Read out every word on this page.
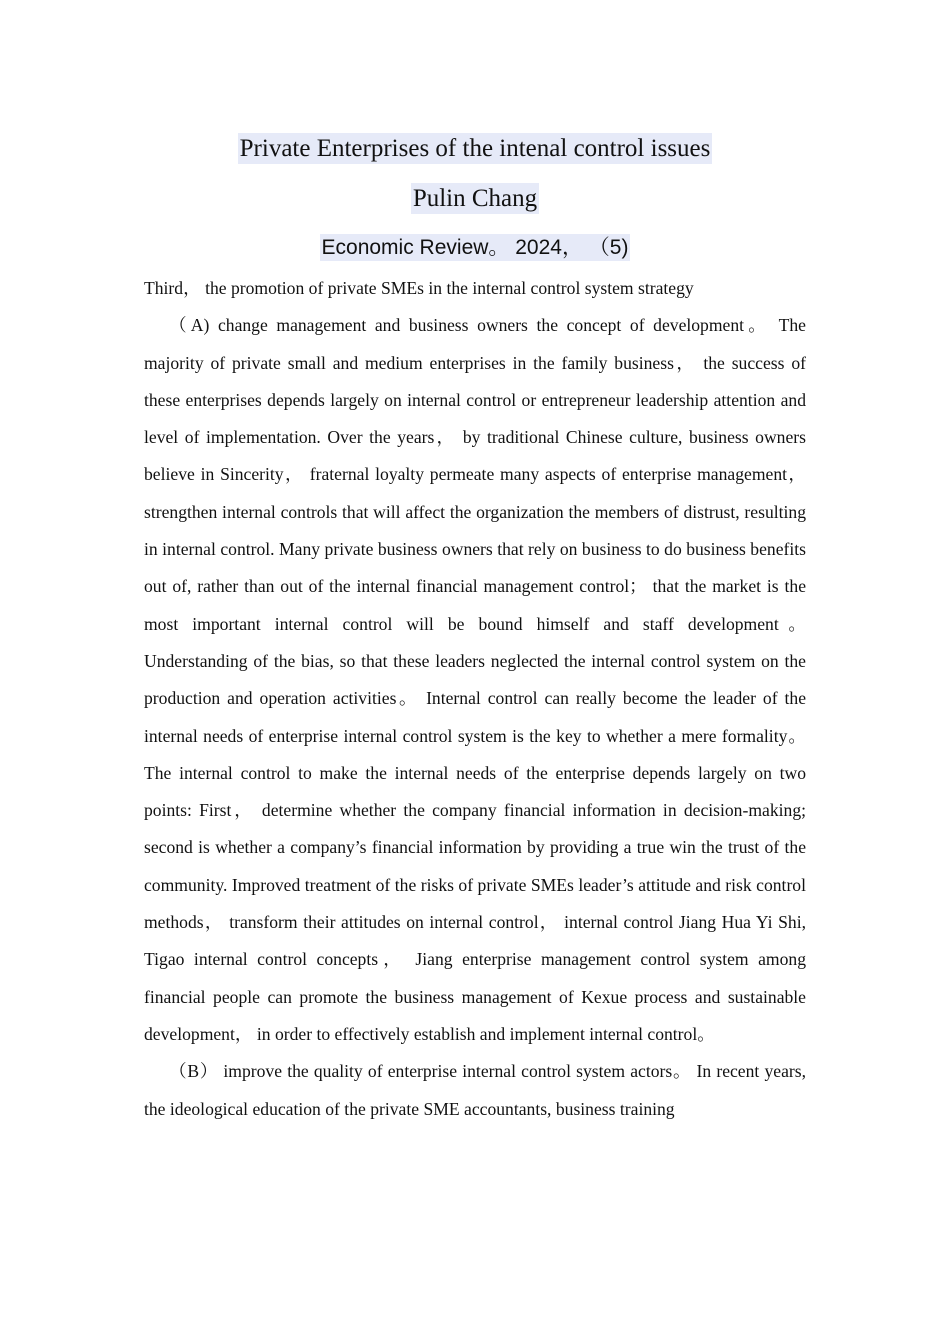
Private Enterprises of the intenal control issues
Pulin Chang
Economic Review。 2024， （5)

Third， the promotion of private SMEs in the internal control system strategy

（A) change management and business owners the concept of development。 The majority of private small and medium enterprises in the family business， the success of these enterprises depends largely on internal control or entrepreneur leadership attention and level of implementation. Over the years， by traditional Chinese culture, business owners believe in Sincerity， fraternal loyalty permeate many aspects of enterprise management， strengthen internal controls that will affect the organization the members of distrust, resulting in internal control. Many private business owners that rely on business to do business benefits out of, rather than out of the internal financial management control； that the market is the most important internal control will be bound himself and staff development。 Understanding of the bias, so that these leaders neglected the internal control system on the production and operation activities。 Internal control can really become the leader of the internal needs of enterprise internal control system is the key to whether a mere formality。 The internal control to make the internal needs of the enterprise depends largely on two points: First， determine whether the company financial information in decision-making; second is whether a company’s financial information by providing a true win the trust of the community. Improved treatment of the risks of private SMEs leader’s attitude and risk control methods， transform their attitudes on internal control， internal control Jiang Hua Yi Shi, Tigao internal control concepts， Jiang enterprise management control system among financial people can promote the business management of Kexue process and sustainable development， in order to effectively establish and implement internal control。

（B） improve the quality of enterprise internal control system actors。 In recent years, the ideological education of the private SME accountants, business training
